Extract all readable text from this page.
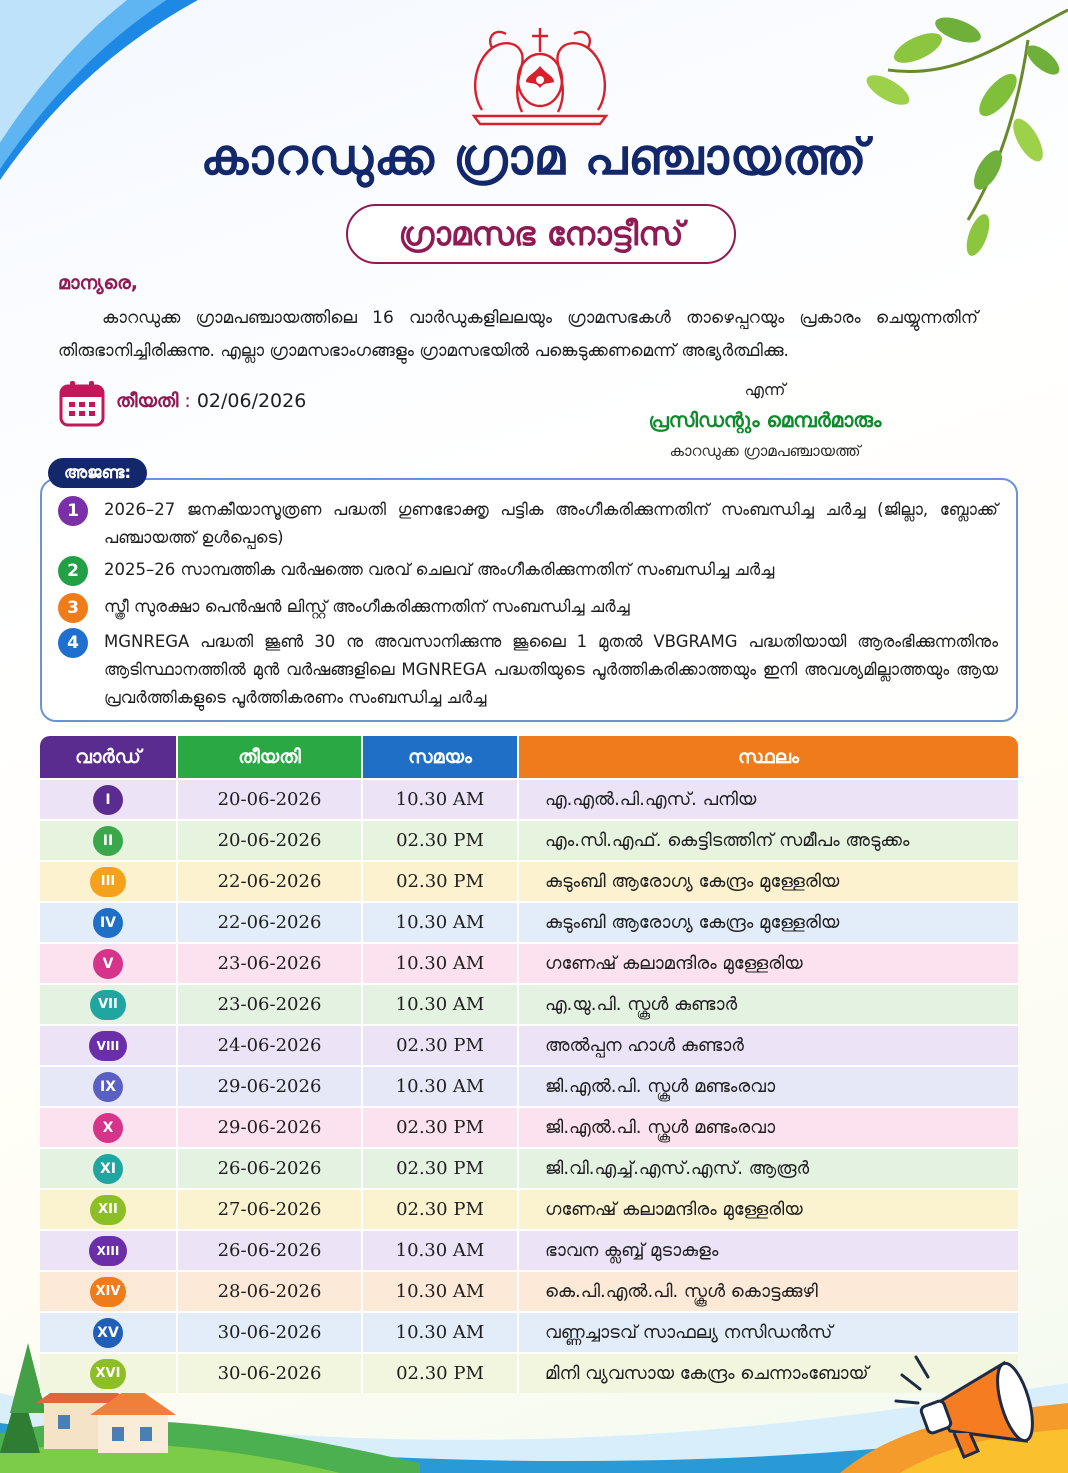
കാറഡുക്ക ഗ്രാമ പഞ്ചായത്ത്
ഗ്രാമസഭ നോട്ടീസ്
മാന്യരെ,
കാറഡുക്ക ഗ്രാമപഞ്ചായത്തിലെ 16 വാർഡുകളിലലയും ഗ്രാമസഭകൾ താഴെപ്പറയും പ്രകാരം ചെയ്യുന്നതിന് തിരുഭാനിച്ചിരിക്കുന്നു. എല്ലാ ഗ്രാമസഭാംഗങ്ങളും ഗ്രാമസഭയിൽ പങ്കെടുക്കണമെന്ന് അഭ്യർത്ഥിക്കു.
തീയതി : 02/06/2026
എന്ന്
പ്രസിഡന്റും മെമ്പർമാരും
കാറഡുക്ക ഗ്രാമപഞ്ചായത്ത്
അജണ്ട:
1	2026–27 ജനകീയാസൂത്രണ പദ്ധതി ഗുണഭോക്തൃ പട്ടിക അംഗീകരിക്കുന്നതിന് സംബന്ധിച്ച ചർച്ച (ജില്ലാ, ബ്ലോക്ക് പഞ്ചായത്ത് ഉൾപ്പെടെ)
2	2025–26 സാമ്പത്തിക വർഷത്തെ വരവ് ചെലവ് അംഗീകരിക്കുന്നതിന് സംബന്ധിച്ച ചർച്ച
3	സ്ത്രീ സുരക്ഷാ പെൻഷൻ ലിസ്റ്റ് അംഗീകരിക്കുന്നതിന് സംബന്ധിച്ച ചർച്ച
4	MGNREGA പദ്ധതി ജൂൺ 30 നു അവസാനിക്കുന്നു ജൂലൈ 1 മുതൽ VBGRAMG പദ്ധതിയായി ആരംഭിക്കുന്നതിനും ആടിസ്ഥാനത്തിൽ മുൻ വർഷങ്ങളിലെ MGNREGA പദ്ധതിയുടെ പൂർത്തികരിക്കാത്തയും ഇനി അവശ്യമില്ലാത്തയും ആയ പ്രവർത്തികളുടെ പൂർത്തികരണം സംബന്ധിച്ച ചർച്ച
വാർഡ്	തീയതി	സമയം	സ്ഥലം
I	20-06-2026	10.30 AM	എ.എൽ.പി.എസ്. പനിയ
II	20-06-2026	02.30 PM	എം.സി.എഫ്. കെട്ടിടത്തിന് സമീപം അടുക്കം
III	22-06-2026	02.30 PM	കുടുംബി ആരോഗ്യ കേന്ദ്രം മുള്ളേരിയ
IV	22-06-2026	10.30 AM	കുടുംബി ആരോഗ്യ കേന്ദ്രം മുള്ളേരിയ
V	23-06-2026	10.30 AM	ഗണേഷ് കലാമന്ദിരം മുള്ളേരിയ
VII	23-06-2026	10.30 AM	എ.യു.പി. സ്കൂൾ കുണ്ടാർ
VIII	24-06-2026	02.30 PM	അൽപ്പന ഹാൾ കുണ്ടാർ
IX	29-06-2026	10.30 AM	ജി.എൽ.പി. സ്കൂൾ മണ്ടംരവാ
X	29-06-2026	02.30 PM	ജി.എൽ.പി. സ്കൂൾ മണ്ടംരവാ
XI	26-06-2026	02.30 PM	ജി.വി.എച്ച്.എസ്.എസ്. ആരൂർ
XII	27-06-2026	02.30 PM	ഗണേഷ് കലാമന്ദിരം മുള്ളേരിയ
XIII	26-06-2026	10.30 AM	ഭാവന ക്ലബ്ബ് മുടാകുളം
XIV	28-06-2026	10.30 AM	കെ.പി.എൽ.പി. സ്കൂൾ കൊട്ടക്കുഴി
XV	30-06-2026	10.30 AM	വണ്ണച്ചാടവ് സാഫല്യ നസിഡൻസ്
XVI	30-06-2026	02.30 PM	മിനി വ്യവസായ കേന്ദ്രം ചെന്നാംബോയ്
